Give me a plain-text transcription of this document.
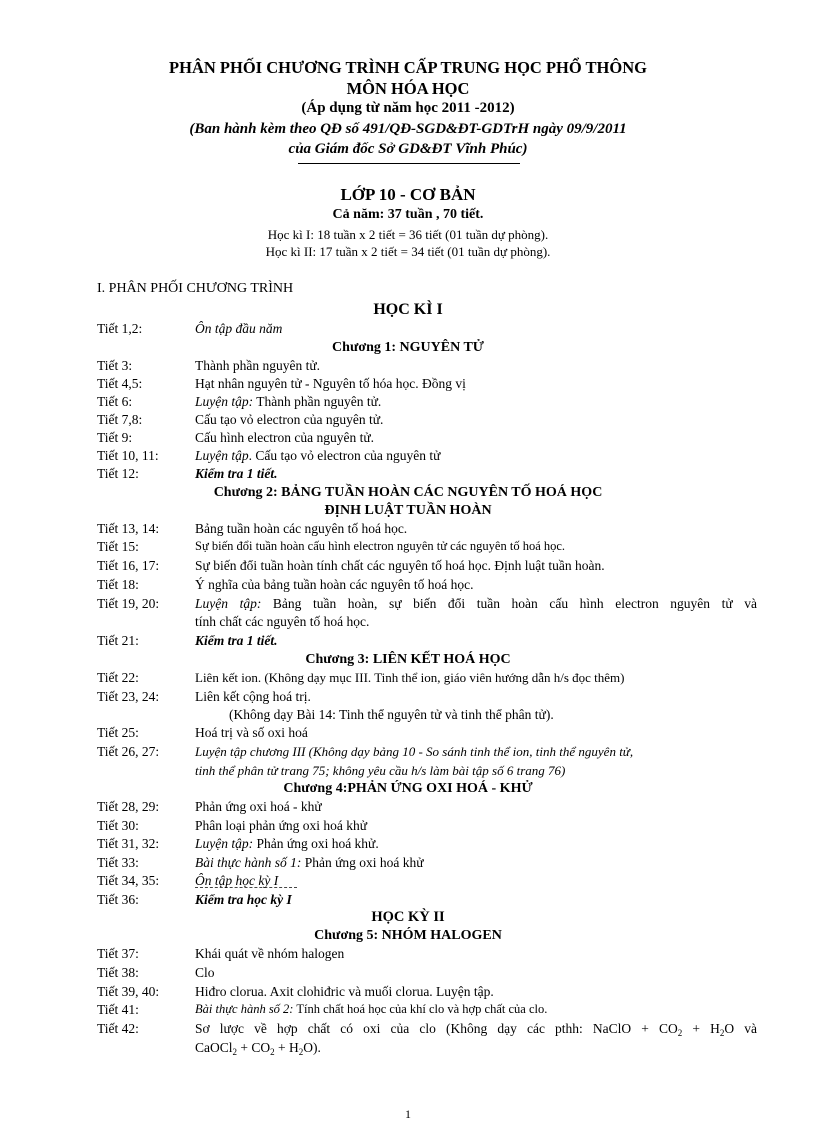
PHÂN PHỐI CHƯƠNG TRÌNH CẤP TRUNG HỌC PHỔ THÔNG
MÔN HÓA HỌC
(Áp dụng từ năm học 2011 -2012)
(Ban hành kèm theo QĐ số 491/QĐ-SGD&ĐT-GDTrH ngày 09/9/2011
của Giám đốc Sở GD&ĐT Vĩnh Phúc)
LỚP 10 - CƠ BẢN
Cả năm: 37 tuần , 70 tiết.
Học kì I: 18 tuần x 2 tiết = 36 tiết (01 tuần dự phòng).
Học kì II: 17 tuần x 2 tiết = 34 tiết (01 tuần dự phòng).
I. PHÂN PHỐI CHƯƠNG TRÌNH
HỌC KÌ I
Tiết 1,2:	Ôn tập đầu năm
Chương 1: NGUYÊN TỬ
Tiết 3:	Thành phần nguyên tử.
Tiết 4,5:	Hạt nhân nguyên tử - Nguyên tố hóa học. Đồng vị
Tiết 6:	Luyện tập: Thành phần nguyên tử.
Tiết 7,8:	Cấu tạo vỏ electron của nguyên tử.
Tiết 9:	Cấu hình electron của nguyên tử.
Tiết 10, 11:	Luyện tập. Cấu tạo vỏ electron của nguyên tử
Tiết 12:	Kiểm tra 1 tiết.
Chương 2: BẢNG TUẦN HOÀN CÁC NGUYÊN TỐ HOÁ HỌC
ĐỊNH LUẬT TUẦN HOÀN
Tiết 13, 14:	Bảng tuần hoàn các nguyên tố hoá học.
Tiết 15:	Sự biến đổi tuần hoàn cấu hình electron nguyên tử các nguyên tố hoá học.
Tiết 16, 17:	Sự biến đổi tuần hoàn tính chất các nguyên tố hoá học. Định luật tuần hoàn.
Tiết 18:	Ý nghĩa của bảng tuần hoàn các nguyên tố hoá học.
Tiết 19, 20:	Luyện tập: Bảng tuần hoàn, sự biến đổi tuần hoàn cấu hình electron nguyên tử và
tính chất các nguyên tố hoá học.
Tiết 21:	Kiểm tra 1 tiết.
Chương 3: LIÊN KẾT HOÁ HỌC
Tiết 22:	Liên kết ion. (Không dạy mục III. Tinh thể ion, giáo viên hướng dẫn h/s đọc thêm)
Tiết 23, 24:	Liên kết cộng hoá trị.
(Không dạy Bài 14: Tinh thể nguyên tử và tinh thể phân tử).
Tiết 25:	Hoá trị và số oxi hoá
Tiết 26, 27:	Luyện tập chương III (Không dạy bảng 10 - So sánh tinh thể ion, tinh thể nguyên tử,
tinh thể phân tử trang 75; không yêu cầu h/s làm bài tập số 6 trang 76)
Chương 4:PHẢN ỨNG OXI HOÁ - KHỬ
Tiết 28, 29:	Phản ứng oxi hoá - khử
Tiết 30:	Phân loại phản ứng oxi hoá khử
Tiết 31, 32:	Luyện tập: Phản ứng oxi hoá khử.
Tiết 33:	Bài thực hành số 1: Phản ứng oxi hoá khử
Tiết 34, 35:	Ôn tập học kỳ I
Tiết 36:	Kiểm tra học kỳ I
HỌC KỲ II
Chương 5: NHÓM HALOGEN
Tiết 37:	Khái quát về nhóm halogen
Tiết 38:	Clo
Tiết 39, 40:	Hiđro clorua. Axit clohiđric và muối clorua. Luyện tập.
Tiết 41:	Bài thực hành số 2: Tính chất hoá học của khí clo và hợp chất của clo.
Tiết 42:	Sơ lược về hợp chất có oxi của clo (Không dạy các pthh: NaClO + $CO_2 + H_2O$ và
CaOCl$_2$ + $CO_2 + H_2O$).
1
